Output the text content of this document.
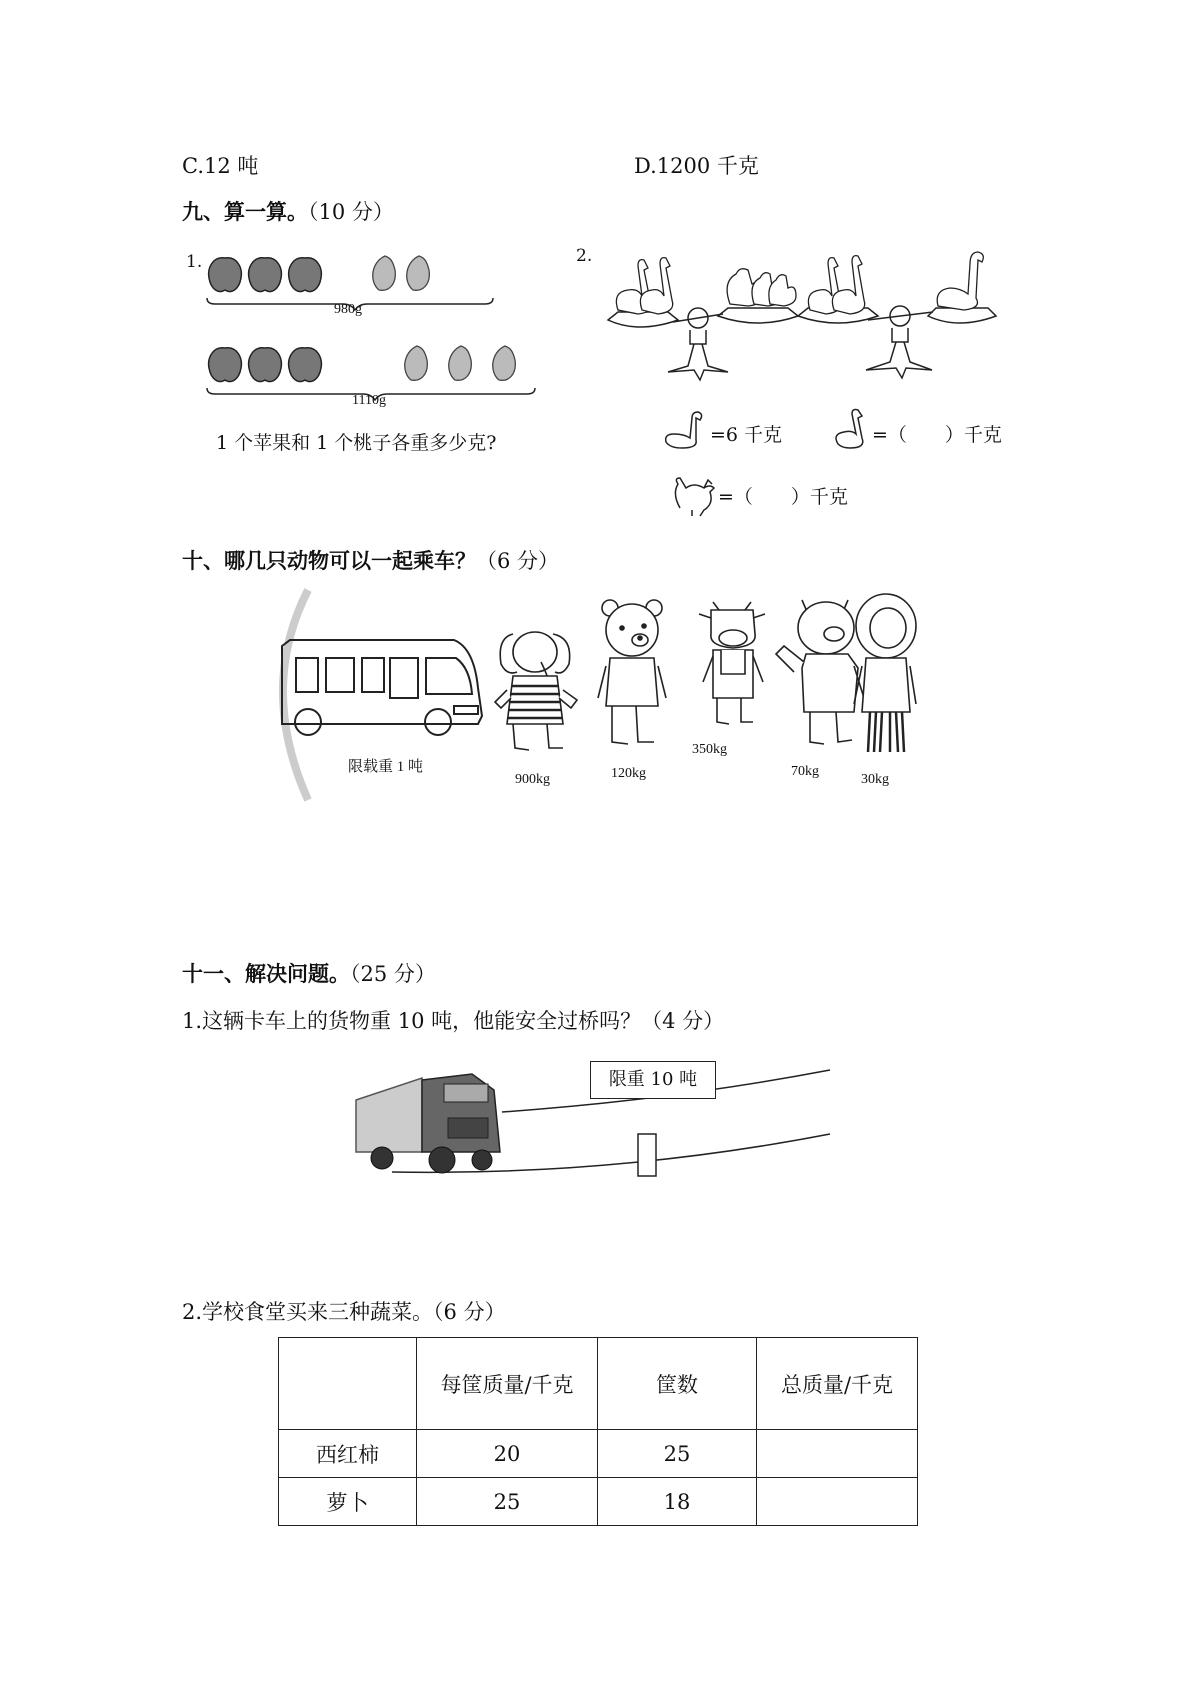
C.12 吨	D.1200 千克
九、算一算。（10 分）
1.
980g
1110g
1 个苹果和 1 个桃子各重多少克?
2.
=6 千克	=（　　）千克
=（　　）千克
十、哪几只动物可以一起乘车？（6 分）
限载重 1 吨
900kg	120kg
350kg
70kg
30kg
十一、解决问题。（25 分）
1.这辆卡车上的货物重 10 吨，他能安全过桥吗？（4 分）
限重 10 吨
2.学校食堂买来三种蔬菜。（6 分）
	每筐质量/千克	筐数	总质量/千克
西红柿	20	25	
萝卜	25	18	
